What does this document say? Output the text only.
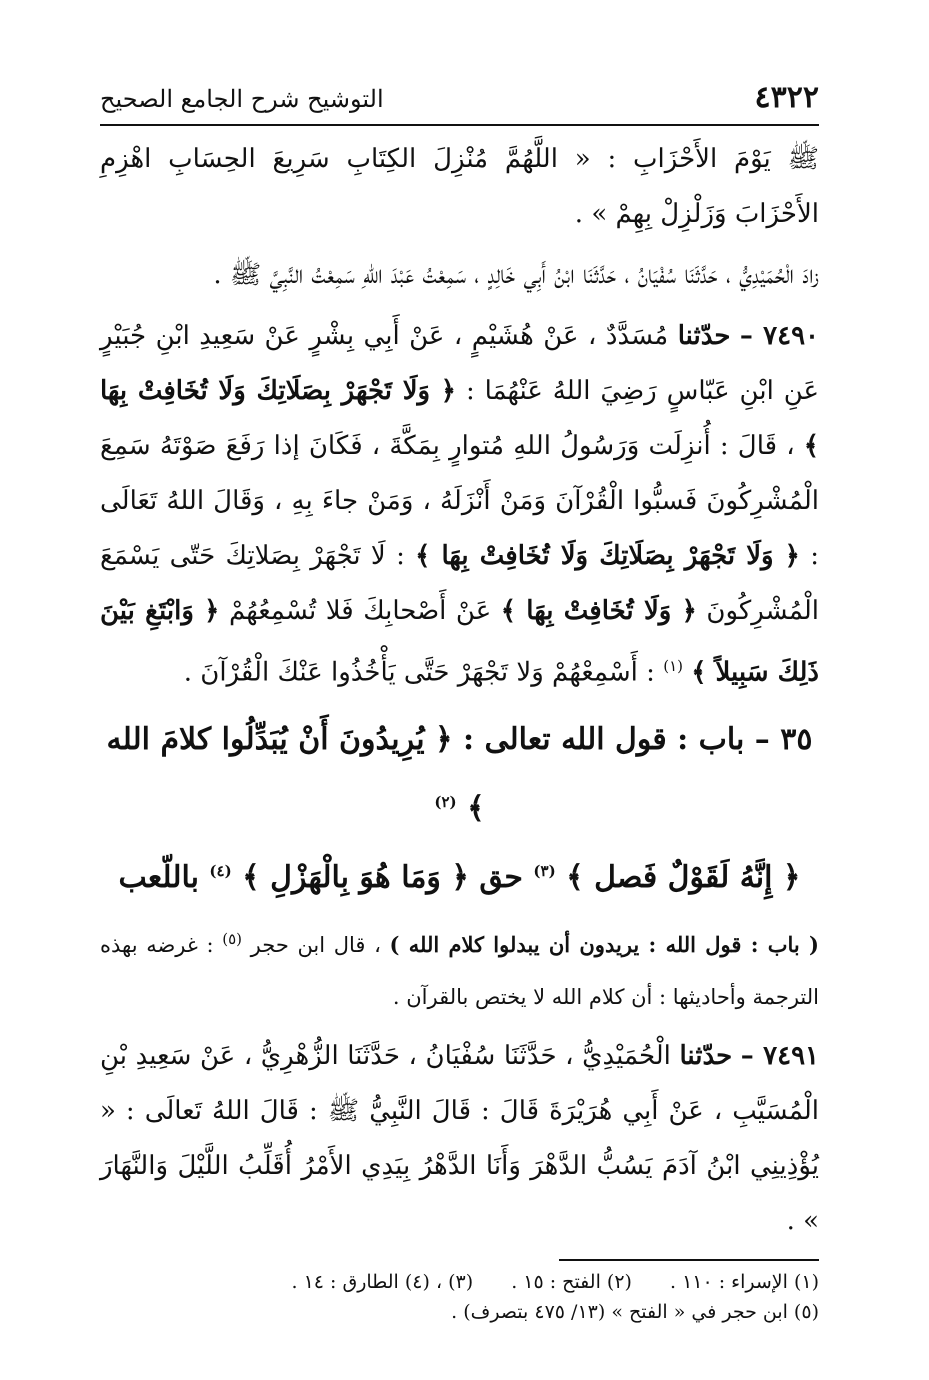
٤٣٢٢
التوشيح شرح الجامع الصحيح

ﷺ يَوْمَ الأَحْزَابِ : « اللَّهُمَّ مُنْزِلَ الكِتَابِ سَرِيعَ الحِسَابِ اهْزِمِ الأَحْزَابَ وَزَلْزِلْ بِهِمْ » .

زادَ الْحُمَيْدِيُّ ، حَدَّثَنَا سُفْيَانُ ، حَدَّثَنَا ابْنُ أَبِي خَالِدٍ ، سَمِعْتُ عَبْدَ اللهِ سَمِعْتُ النَّبِيَّ ﷺ .

٧٤٩٠ – حدّثنا مُسَدَّدٌ ، عَنْ هُشَيْمٍ ، عَنْ أَبِي بِشْرٍ عَنْ سَعِيدِ ابْنِ جُبَيْرٍ عَنِ ابْنِ عَبّاسٍ رَضِيَ اللهُ عَنْهُمَا : ﴿ وَلَا تَجْهَرْ بِصَلَاتِكَ وَلَا تُخَافِتْ بِهَا ﴾ ، قَالَ : أُنزِلَت وَرَسُولُ اللهِ مُتوارٍ بِمَكَّةَ ، فَكَانَ إذا رَفَعَ صَوْتَهُ سَمِعَ الْمُشْرِكُونَ فَسبُّوا الْقُرْآنَ وَمَنْ أَنْزَلَهُ ، وَمَنْ جاءَ بِهِ ، وَقَالَ اللهُ تَعَالَى : ﴿ وَلَا تَجْهَرْ بِصَلَاتِكَ وَلَا تُخَافِتْ بِهَا ﴾ : لَا تَجْهَرْ بِصَلاتِكَ حَتّى يَسْمَعَ الْمُشْرِكُونَ ﴿ وَلَا تُخَافِتْ بِهَا ﴾ عَنْ أَصْحابِكَ فَلا تُسْمِعُهُمْ ﴿ وَابْتَغِ بَيْنَ ذَلِكَ سَبِيلاً ﴾ $^{(١)}$ : أَسْمِعْهُمْ وَلا تَجْهَرْ حَتَّى يَأْخُذُوا عَنْكَ الْقُرْآنَ .

٣٥ – باب : قول الله تعالى : ﴿ يُرِيدُونَ أَنْ يُبَدِّلُوا كلامَ الله ﴾ $^{(٢)}$
﴿ إِنَّهُ لَقَوْلٌ فَصل ﴾ $^{(٣)}$ حق ﴿ وَمَا هُوَ بِالْهَزْلِ ﴾ $^{(٤)}$ باللّعب

( باب : قول الله : يريدون أن يبدلوا كلام الله ) ، قال ابن حجر $^{(٥)}$ : غرضه بهذه الترجمة وأحاديثها : أن كلام الله لا يختص بالقرآن .

٧٤٩١ – حدّثنا الْحُمَيْدِيُّ ، حَدَّثَنَا سُفْيَانُ ، حَدَّثَنَا الزُّهْرِيُّ ، عَنْ سَعِيدِ بْنِ الْمُسَيَّبِ ، عَنْ أَبِي هُرَيْرَةَ قَالَ : قَالَ النَّبِيُّ ﷺ : قَالَ اللهُ تَعالَى : « يُؤْذِينِي ابْنُ آدَمَ يَسُبُّ الدَّهْرَ وَأَنَا الدَّهْرُ بِيَدِي الأَمْرُ أُقَلِّبُ اللَّيْلَ وَالنَّهَارَ » .

(١) الإسراء : ١١٠ .
(٢) الفتح : ١٥ .
(٣) ، (٤) الطارق : ١٤ .
(٥) ابن حجر في « الفتح » (١٣/ ٤٧٥ بتصرف) .
